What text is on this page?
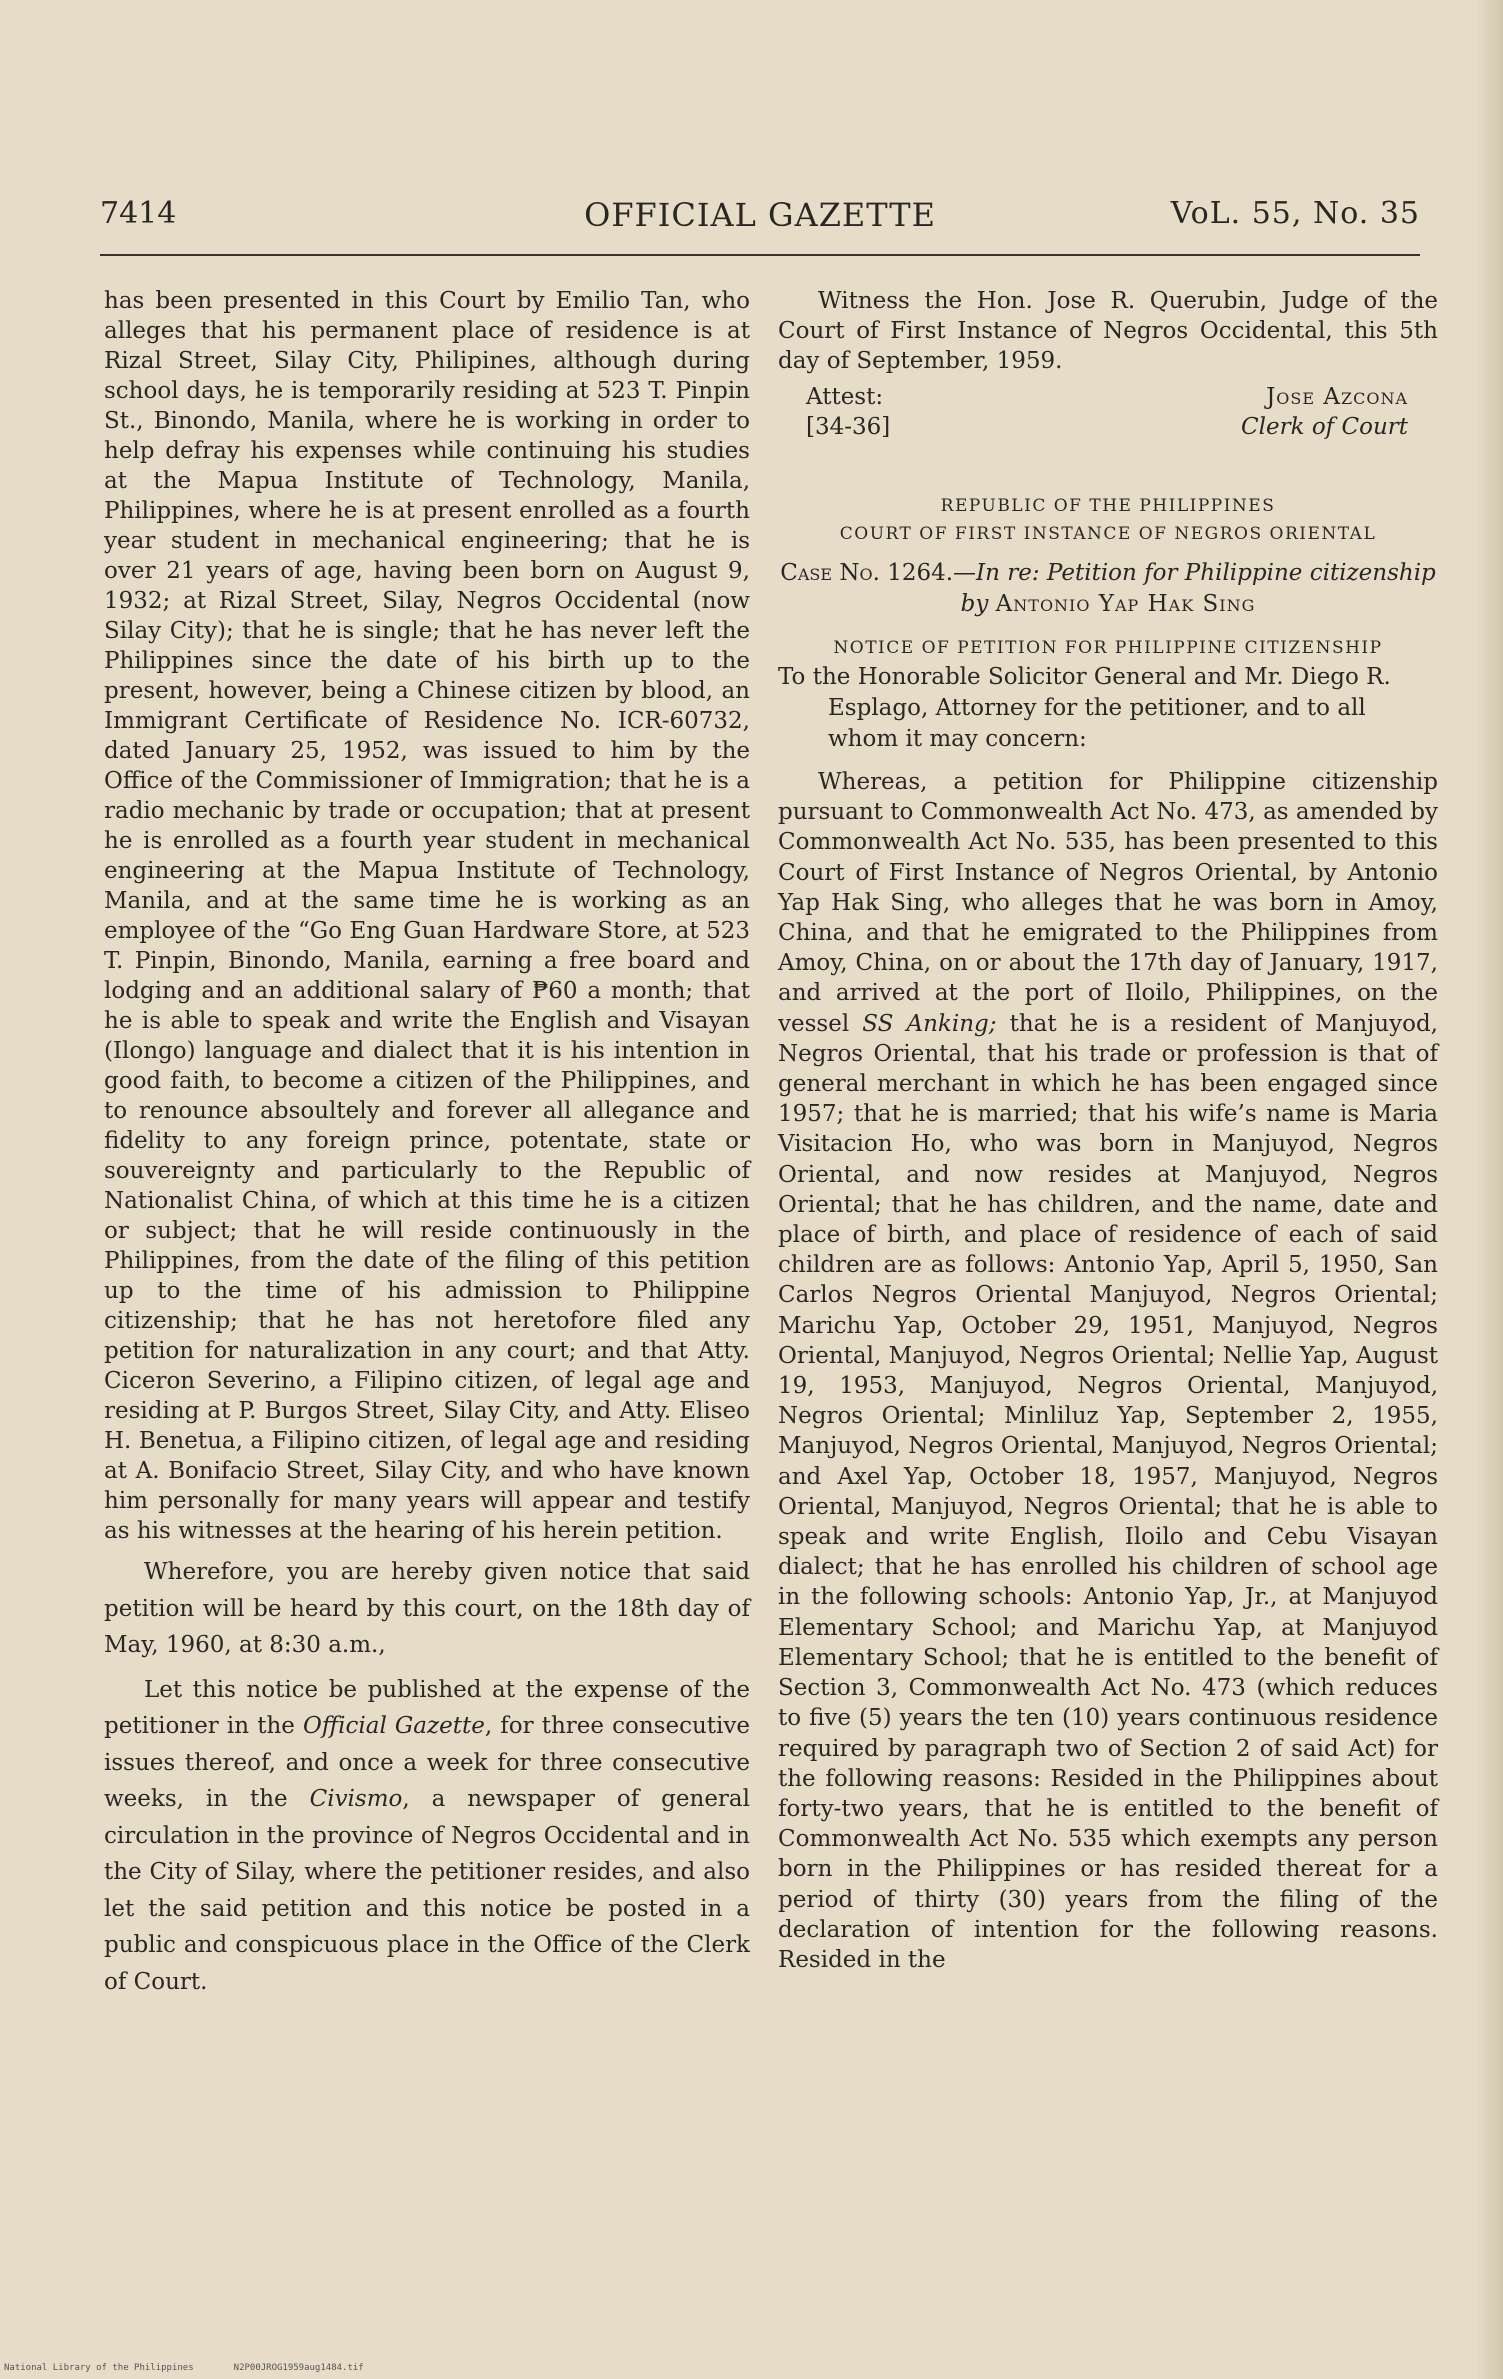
7414	OFFICIAL GAZETTE	VoL. 55, No. 35

has been presented in this Court by Emilio Tan, who alleges that his permanent place of residence is at Rizal Street, Silay City, Philipines, although during school days, he is temporarily residing at 523 T. Pinpin St., Binondo, Manila, where he is working in order to help defray his expenses while continuing his studies at the Mapua Institute of Technology, Manila, Philippines, where he is at present enrolled as a fourth year student in mechanical engineering; that he is over 21 years of age, having been born on August 9, 1932; at Rizal Street, Silay, Negros Occidental (now Silay City); that he is single; that he has never left the Philippines since the date of his birth up to the present, however, being a Chinese citizen by blood, an Immigrant Certificate of Residence No. ICR-60732, dated January 25, 1952, was issued to him by the Office of the Commissioner of Immigration; that he is a radio mechanic by trade or occupation; that at present he is enrolled as a fourth year student in mechanical engineering at the Mapua Institute of Technology, Manila, and at the same time he is working as an employee of the “Go Eng Guan Hardware Store, at 523 T. Pinpin, Binondo, Manila, earning a free board and lodging and an additional salary of ₱60 a month; that he is able to speak and write the English and Visayan (Ilongo) language and dialect that it is his intention in good faith, to become a citizen of the Philippines, and to renounce absoultely and forever all allegance and fidelity to any foreign prince, potentate, state or souvereignty and particularly to the Republic of Nationalist China, of which at this time he is a citizen or subject; that he will reside continuously in the Philippines, from the date of the filing of this petition up to the time of his admission to Philippine citizenship; that he has not heretofore filed any petition for naturalization in any court; and that Atty. Ciceron Severino, a Filipino citizen, of legal age and residing at P. Burgos Street, Silay City, and Atty. Eliseo H. Benetua, a Filipino citizen, of legal age and residing at A. Bonifacio Street, Silay City, and who have known him personally for many years will appear and testify as his witnesses at the hearing of his herein petition.

Wherefore, you are hereby given notice that said petition will be heard by this court, on the 18th day of May, 1960, at 8:30 a.m.,

Let this notice be published at the expense of the petitioner in the Official Gazette, for three consecutive issues thereof, and once a week for three consecutive weeks, in the Civismo, a newspaper of general circulation in the province of Negros Occidental and in the City of Silay, where the petitioner resides, and also let the said petition and this notice be posted in a public and conspicuous place in the Office of the Clerk of Court.

Witness the Hon. Jose R. Querubin, Judge of the Court of First Instance of Negros Occidental, this 5th day of September, 1959.

Attest:
[34-36]
Jose Azcona
Clerk of Court
REPUBLIC OF THE PHILIPPINES
COURT OF FIRST INSTANCE OF NEGROS ORIENTAL
Case No. 1264.—In re: Petition for Philippine citizenship by Antonio Yap Hak Sing
NOTICE OF PETITION FOR PHILIPPINE CITIZENSHIP

To the Honorable Solicitor General and Mr. Diego R. Esplago, Attorney for the petitioner, and to all whom it may concern:

Whereas, a petition for Philippine citizenship pursuant to Commonwealth Act No. 473, as amended by Commonwealth Act No. 535, has been presented to this Court of First Instance of Negros Oriental, by Antonio Yap Hak Sing, who alleges that he was born in Amoy, China, and that he emigrated to the Philippines from Amoy, China, on or about the 17th day of January, 1917, and arrived at the port of Iloilo, Philippines, on the vessel SS Anking; that he is a resident of Manjuyod, Negros Oriental, that his trade or profession is that of general merchant in which he has been engaged since 1957; that he is married; that his wife’s name is Maria Visitacion Ho, who was born in Manjuyod, Negros Oriental, and now resides at Manjuyod, Negros Oriental; that he has children, and the name, date and place of birth, and place of residence of each of said children are as follows: Antonio Yap, April 5, 1950, San Carlos Negros Oriental Manjuyod, Negros Oriental; Marichu Yap, October 29, 1951, Manjuyod, Negros Oriental, Manjuyod, Negros Oriental; Nellie Yap, August 19, 1953, Manjuyod, Negros Oriental, Manjuyod, Negros Oriental; Minliluz Yap, September 2, 1955, Manjuyod, Negros Oriental, Manjuyod, Negros Oriental; and Axel Yap, October 18, 1957, Manjuyod, Negros Oriental, Manjuyod, Negros Oriental; that he is able to speak and write English, Iloilo and Cebu Visayan dialect; that he has enrolled his children of school age in the following schools: Antonio Yap, Jr., at Manjuyod Elementary School; and Marichu Yap, at Manjuyod Elementary School; that he is entitled to the benefit of Section 3, Commonwealth Act No. 473 (which reduces to five (5) years the ten (10) years continuous residence required by paragraph two of Section 2 of said Act) for the following reasons: Resided in the Philippines about forty-two years, that he is entitled to the benefit of Commonwealth Act No. 535 which exempts any person born in the Philippines or has resided thereat for a period of thirty (30) years from the filing of the declaration of intention for the following reasons. Resided in the

National Library of the Philippines	N2P00JROG1959aug1484.tif
